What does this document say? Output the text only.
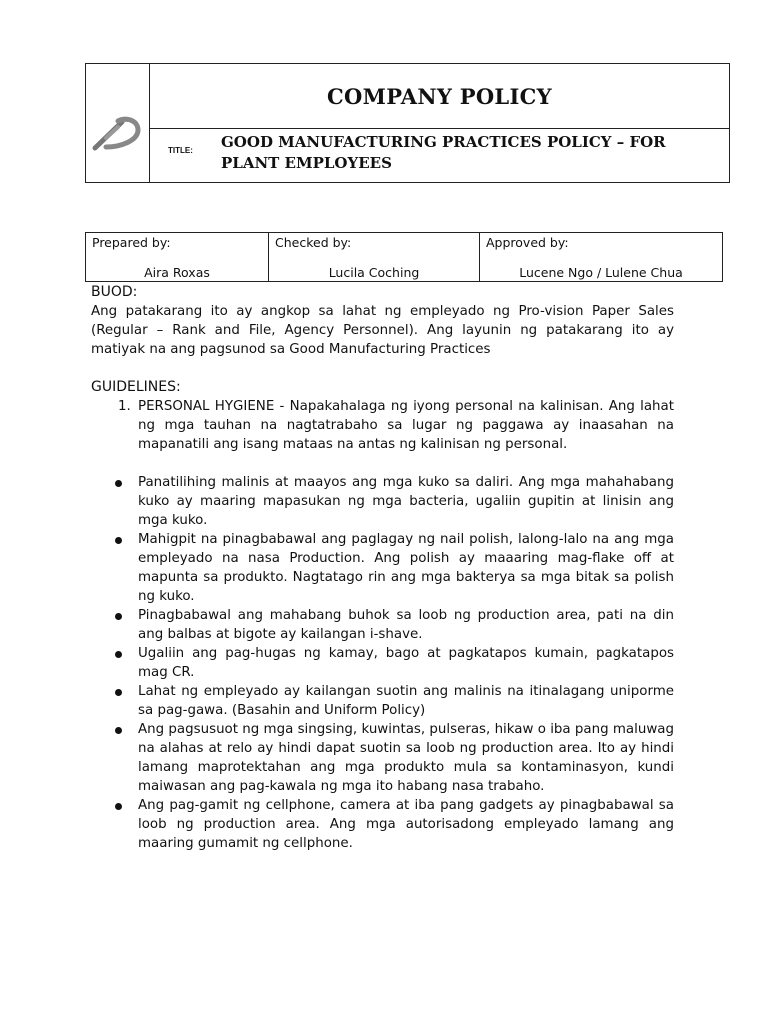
COMPANY POLICY
TITLE: GOOD MANUFACTURING PRACTICES POLICY – FOR PLANT EMPLOYEES
Prepared by:
Aira Roxas
Checked by:
Lucila Coching
Approved by:
Lucene Ngo / Lulene Chua
BUOD:

Ang patakarang ito ay angkop sa lahat ng empleyado ng Pro-vision Paper Sales (Regular – Rank and File, Agency Personnel). Ang layunin ng patakarang ito ay matiyak na ang pagsunod sa Good Manufacturing Practices

GUIDELINES:
1. PERSONAL HYGIENE - Napakahalaga ng iyong personal na kalinisan. Ang lahat ng mga tauhan na nagtatrabaho sa lugar ng paggawa ay inaasahan na mapanatili ang isang mataas na antas ng kalinisan ng personal.
Panatilihing malinis at maayos ang mga kuko sa daliri. Ang mga mahahabang kuko ay maaring mapasukan ng mga bacteria, ugaliin gupitin at linisin ang mga kuko.
Mahigpit na pinagbabawal ang paglagay ng nail polish, lalong-lalo na ang mga empleyado na nasa Production. Ang polish ay maaaring mag-flake off at mapunta sa produkto. Nagtatago rin ang mga bakterya sa mga bitak sa polish ng kuko.
Pinagbabawal ang mahabang buhok sa loob ng production area, pati na din ang balbas at bigote ay kailangan i-shave.
Ugaliin ang pag-hugas ng kamay, bago at pagkatapos kumain, pagkatapos mag CR.
Lahat ng empleyado ay kailangan suotin ang malinis na itinalagang uniporme sa pag-gawa. (Basahin and Uniform Policy)
Ang pagsusuot ng mga singsing, kuwintas, pulseras, hikaw o iba pang maluwag na alahas at relo ay hindi dapat suotin sa loob ng production area. Ito ay hindi lamang maprotektahan ang mga produkto mula sa kontaminasyon, kundi maiwasan ang pag-kawala ng mga ito habang nasa trabaho.
Ang pag-gamit ng cellphone, camera at iba pang gadgets ay pinagbabawal sa loob ng production area. Ang mga autorisadong empleyado lamang ang maaring gumamit ng cellphone.
